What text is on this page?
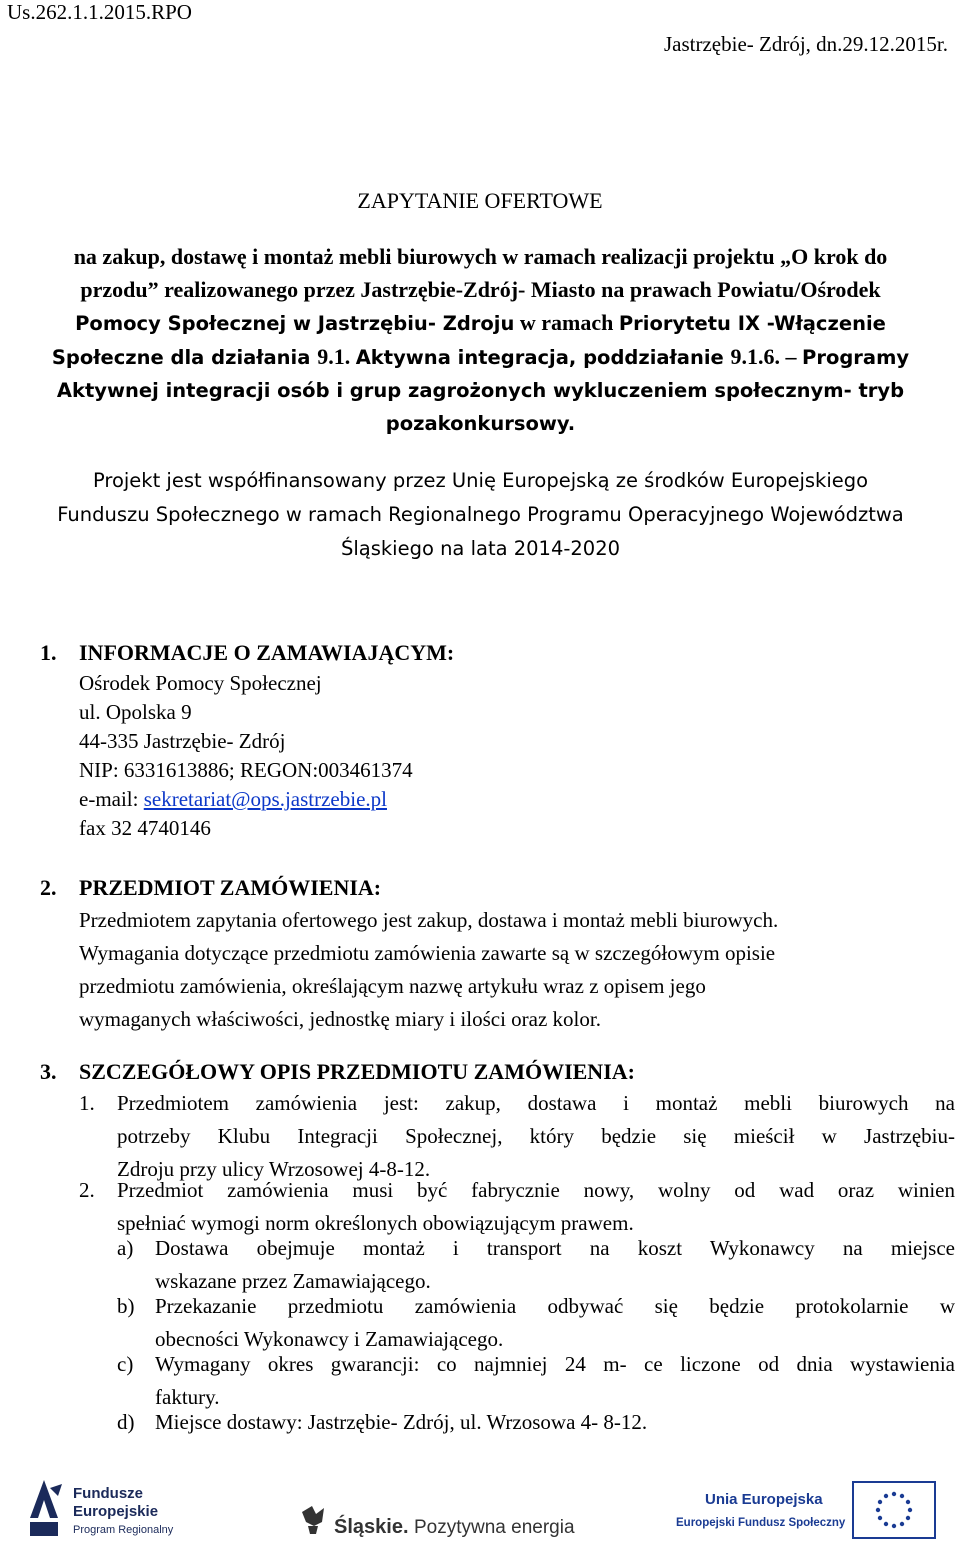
Us.262.1.1.2015.RPO
Jastrzębie- Zdrój, dn.29.12.2015r.
ZAPYTANIE OFERTOWE
na zakup, dostawę i montaż mebli biurowych w ramach realizacji projektu „O krok do
przodu” realizowanego przez Jastrzębie-Zdrój- Miasto na prawach Powiatu/Ośrodek
Pomocy Społecznej w Jastrzębiu- Zdroju w ramach Priorytetu IX -Włączenie
Społeczne dla działania 9.1. Aktywna integracja, poddziałanie 9.1.6. – Programy
Aktywnej integracji osób i grup zagrożonych wykluczeniem społecznym- tryb
pozakonkursowy.
Projekt jest współfinansowany przez Unię Europejską ze środków Europejskiego
Funduszu Społecznego w ramach Regionalnego Programu Operacyjnego Województwa
Śląskiego na lata 2014-2020
1. INFORMACJE O ZAMAWIAJĄCYM:
Ośrodek Pomocy Społecznej
ul. Opolska 9
44-335 Jastrzębie- Zdrój
NIP: 6331613886; REGON:003461374
e-mail: sekretariat@ops.jastrzebie.pl
fax 32 4740146
2. PRZEDMIOT ZAMÓWIENIA:
Przedmiotem zapytania ofertowego jest zakup, dostawa i montaż mebli biurowych.
Wymagania dotyczące przedmiotu zamówienia zawarte są w szczegółowym opisie
przedmiotu zamówienia, określającym nazwę artykułu wraz z opisem jego
wymaganych właściwości, jednostkę miary i ilości oraz kolor.
3. SZCZEGÓŁOWY OPIS PRZEDMIOTU ZAMÓWIENIA:
1. Przedmiotem zamówienia jest: zakup, dostawa i montaż mebli biurowych na
potrzeby Klubu Integracji Społecznej, który będzie się mieścił w Jastrzębiu-
Zdroju przy ulicy Wrzosowej 4-8-12.
2. Przedmiot zamówienia musi być fabrycznie nowy, wolny od wad oraz winien
spełniać wymogi norm określonych obowiązującym prawem.
a) Dostawa obejmuje montaż i transport na koszt Wykonawcy na miejsce
wskazane przez Zamawiającego.
b) Przekazanie przedmiotu zamówienia odbywać się będzie protokolarnie w
obecności Wykonawcy i Zamawiającego.
c) Wymagany okres gwarancji: co najmniej 24 m- ce liczone od dnia wystawienia
faktury.
d) Miejsce dostawy: Jastrzębie- Zdrój, ul. Wrzosowa 4- 8-12.
Fundusze
Europejskie
Program Regionalny	Śląskie. Pozytywna energia
Unia Europejska
Europejski Fundusz Społeczny
